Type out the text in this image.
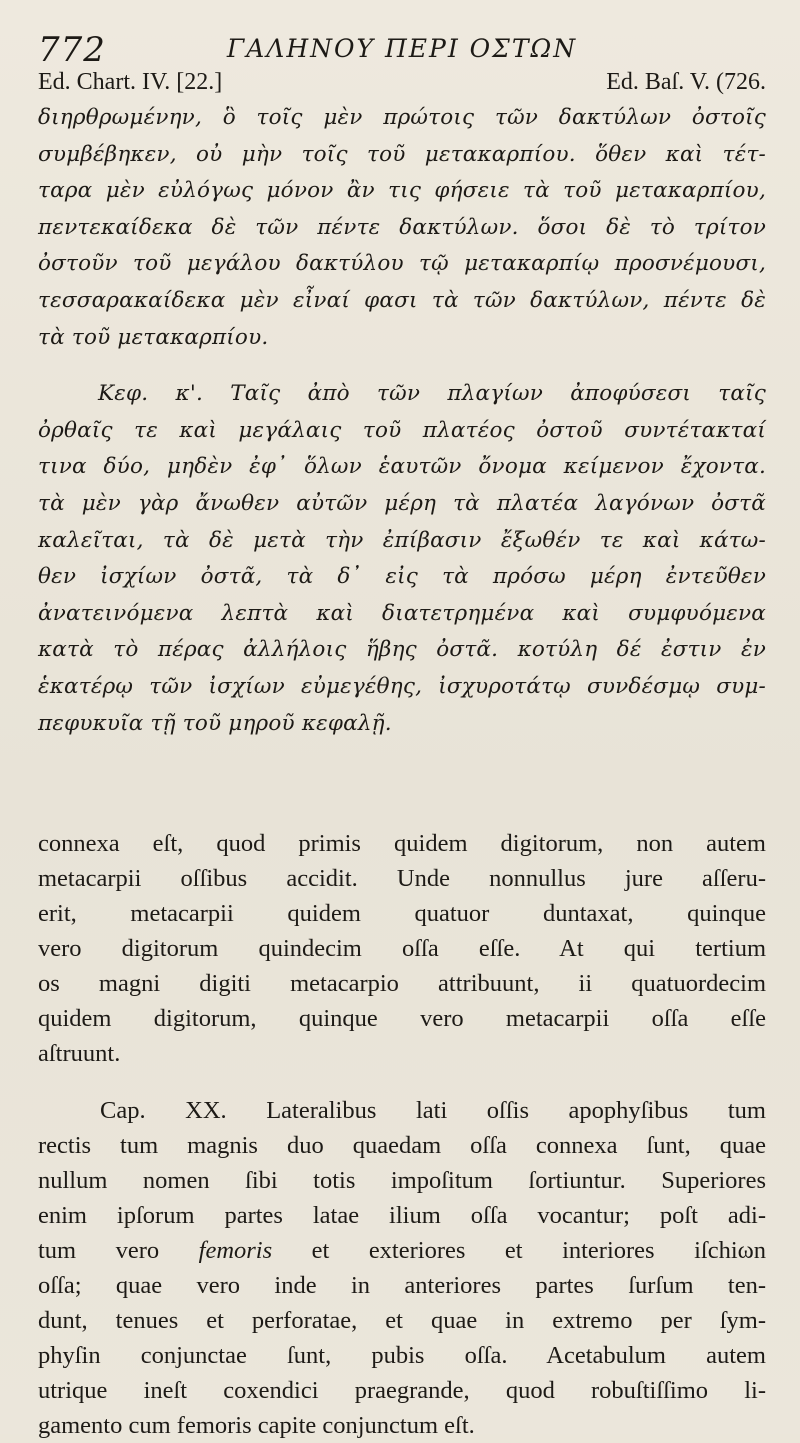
772	ΓΑΛΗΝΟΥ ΠΕΡΙ ΟΣΤΩΝ
Ed. Chart. IV. [22.]	Ed. Baſ. V. (726.
διηρθρωμένην, ὃ τοῖς μὲν πρώτοις τῶν δακτύλων ὀστοῖς
συμβέβηκεν, οὐ μὴν τοῖς τοῦ μετακαρπίου. ὅθεν καὶ τέτ-
ταρα μὲν εὐλόγως μόνον ἂν τις φήσειε τὰ τοῦ μετακαρπίου,
πεντεκαίδεκα δὲ τῶν πέντε δακτύλων. ὅσοι δὲ τὸ τρίτον
ὀστοῦν τοῦ μεγάλου δακτύλου τῷ μετακαρπίῳ προσνέμουσι,
τεσσαρακαίδεκα μὲν εἶναί φασι τὰ τῶν δακτύλων, πέντε δὲ
τὰ τοῦ μετακαρπίου.
Κεφ. κ'. Ταῖς ἀπὸ τῶν πλαγίων ἀποφύσεσι ταῖς
ὀρθαῖς τε καὶ μεγάλαις τοῦ πλατέος ὀστοῦ συντέτακταί
τινα δύο, μηδὲν ἐφ᾿ ὅλων ἑαυτῶν ὄνομα κείμενον ἔχοντα.
τὰ μὲν γὰρ ἄνωθεν αὐτῶν μέρη τὰ πλατέα λαγόνων ὀστᾶ
καλεῖται, τὰ δὲ μετὰ τὴν ἐπίβασιν ἔξωθέν τε καὶ κάτω-
θεν ἰσχίων ὀστᾶ, τὰ δ᾿ εἰς τὰ πρόσω μέρη ἐντεῦθεν
ἀνατεινόμενα λεπτὰ καὶ διατετρημένα καὶ συμφυόμενα
κατὰ τὸ πέρας ἀλλήλοις ἥβης ὀστᾶ. κοτύλη δέ ἐστιν ἐν
ἑκατέρῳ τῶν ἰσχίων εὐμεγέθης, ἰσχυροτάτῳ συνδέσμῳ συμ-
πεφυκυῖα τῇ τοῦ μηροῦ κεφαλῇ.
connexa eſt, quod primis quidem digitorum, non autem
metacarpii oſſibus accidit. Unde nonnullus jure aſſeru-
erit, metacarpii quidem quatuor duntaxat, quinque
vero digitorum quindecim oſſa eſſe. At qui tertium
os magni digiti metacarpio attribuunt, ii quatuordecim
quidem digitorum, quinque vero metacarpii oſſa eſſe
aſtruunt.
Cap. XX. Lateralibus lati oſſis apophyſibus tum
rectis tum magnis duo quaedam oſſa connexa ſunt, quae
nullum nomen ſibi totis impoſitum ſortiuntur. Superiores
enim ipſorum partes latae ilium oſſa vocantur; poſt adi-
tum vero femoris et exteriores et interiores iſchiωn
oſſa; quae vero inde in anteriores partes ſurſum ten-
dunt, tenues et perforatae, et quae in extremo per ſym-
phyſin conjunctae ſunt, pubis oſſa. Acetabulum autem
utrique ineſt coxendici praegrande, quod robuſtiſſimo li-
gamento cum femoris capite conjunctum eſt.
